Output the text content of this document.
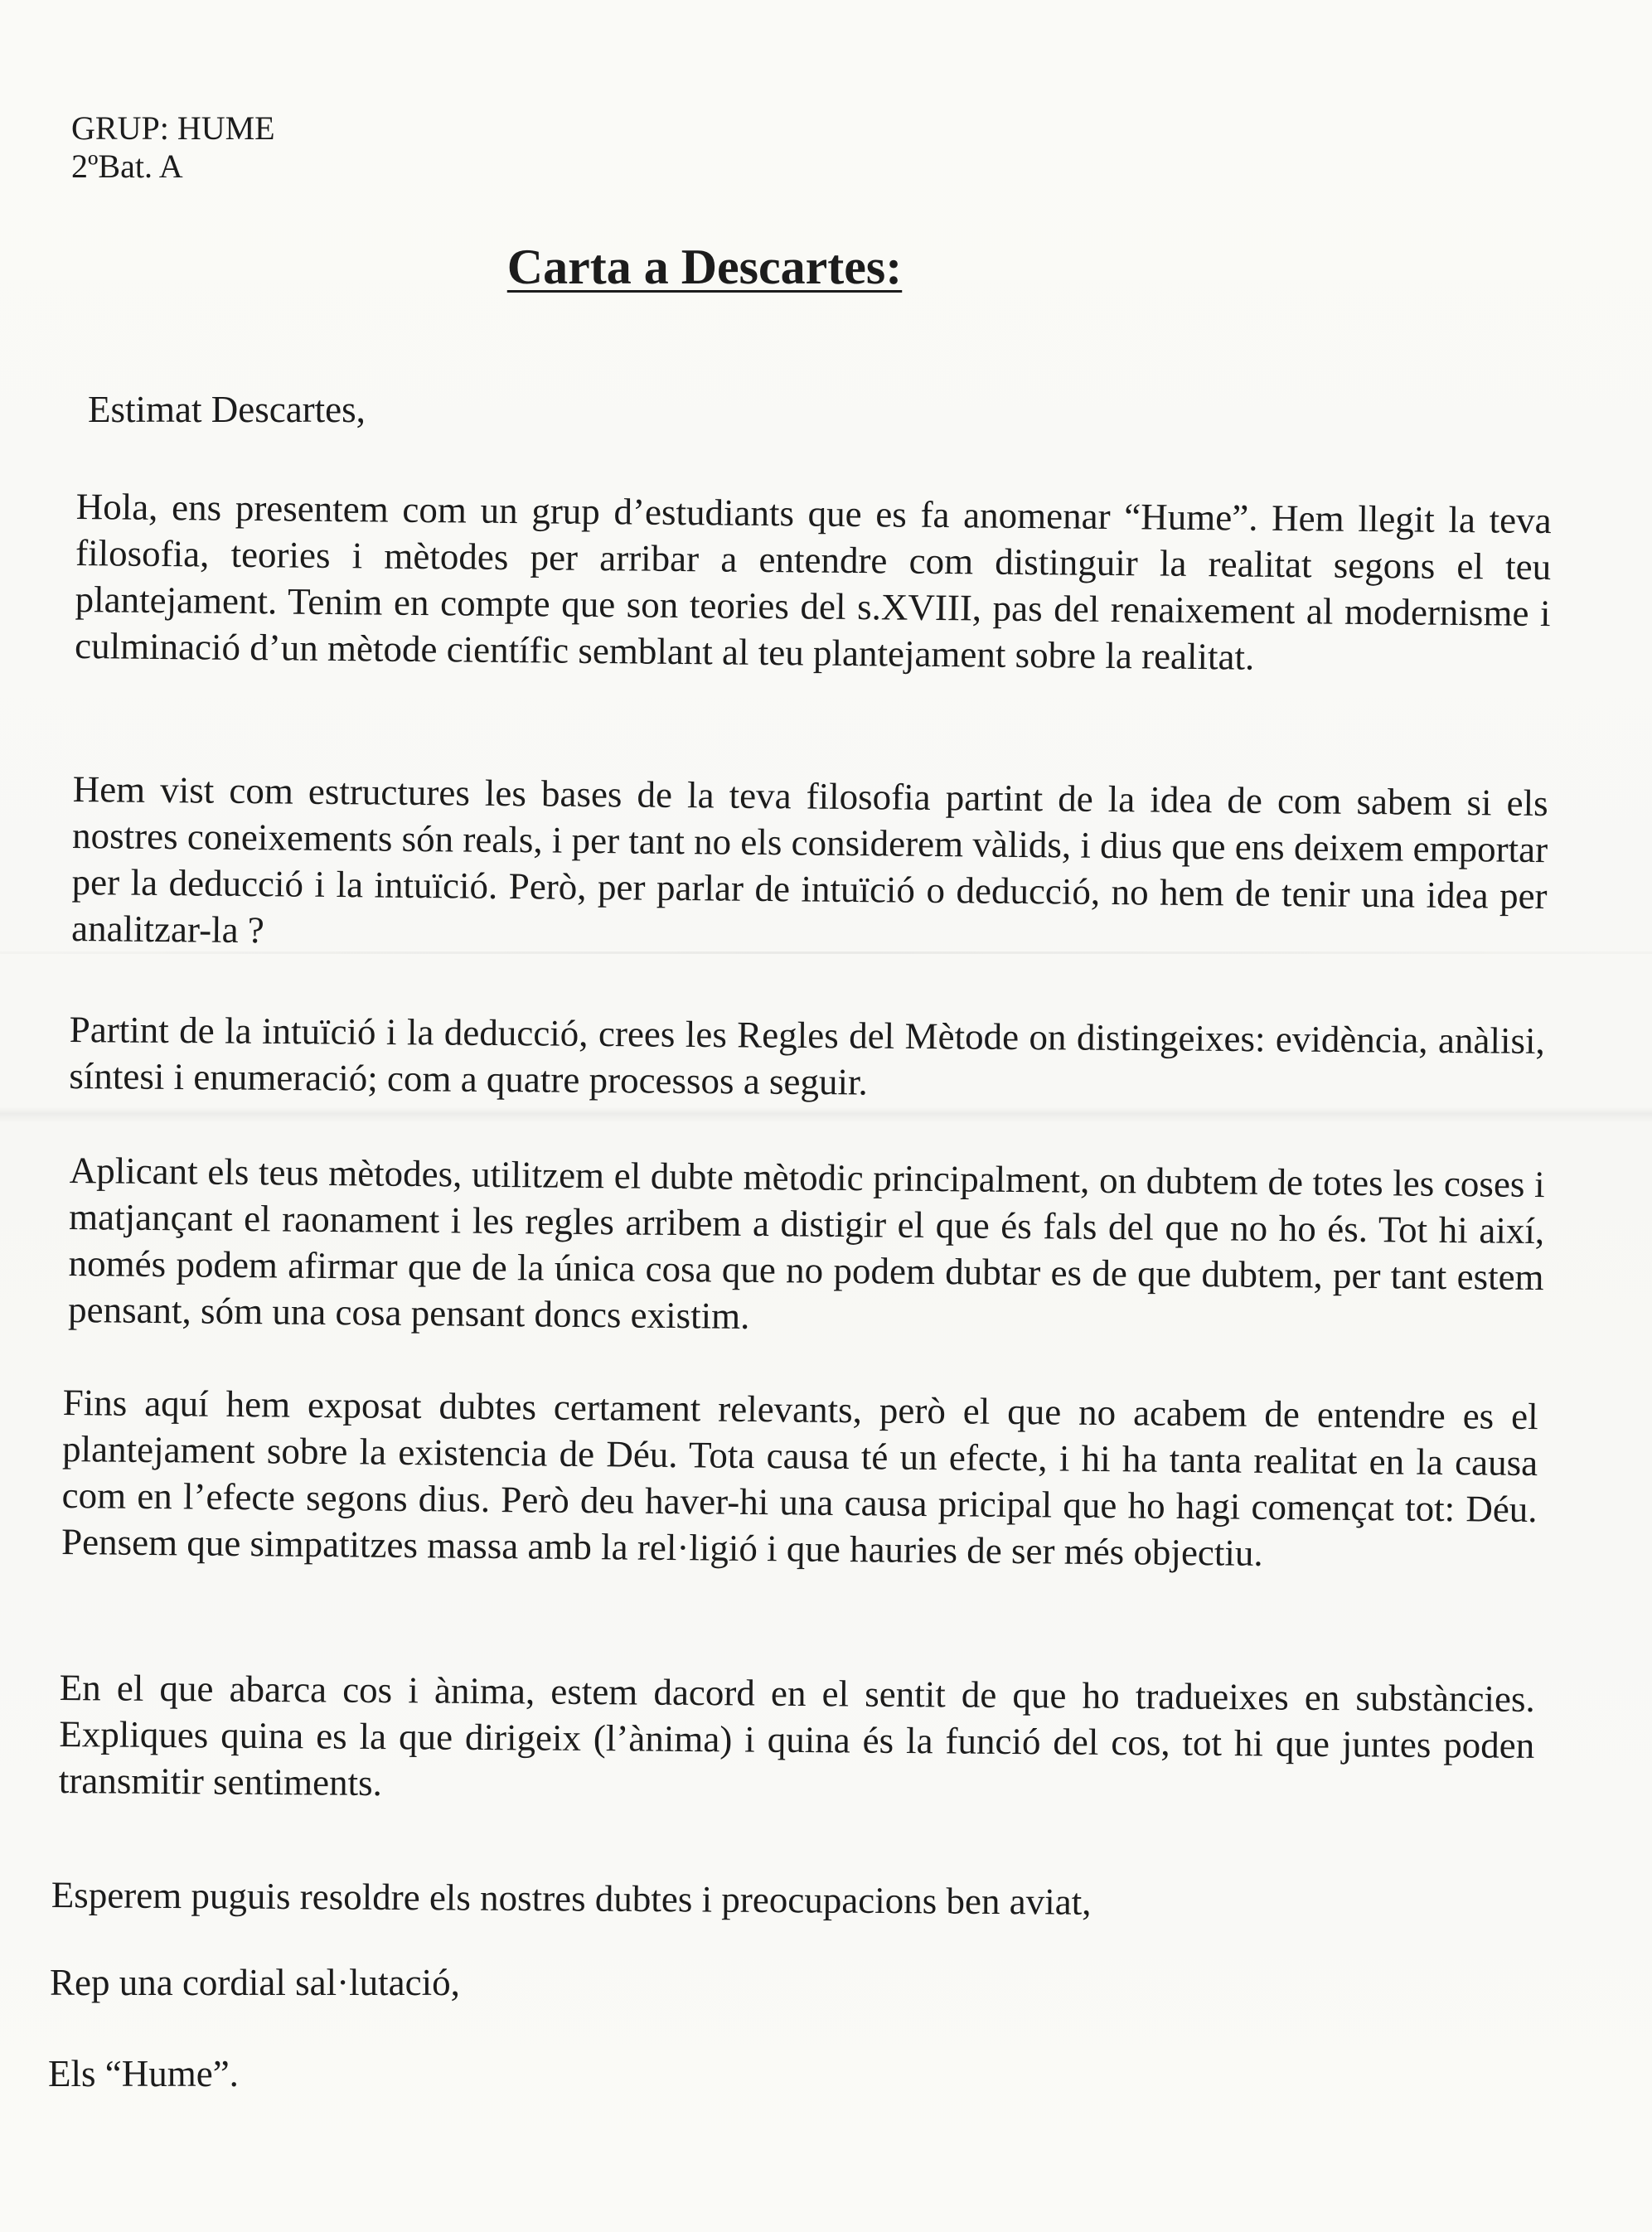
GRUP: HUME
2ºBat. A
Carta a Descartes:

Estimat Descartes,

Hola, ens presentem com un grup d’estudiants que es fa anomenar “Hume”. Hem llegit la teva filosofia, teories i mètodes per arribar a entendre com distinguir la realitat segons el teu plantejament. Tenim en compte que son teories del s.XVIII, pas del renaixement al modernisme i culminació d’un mètode científic semblant al teu plantejament sobre la realitat.

Hem vist com estructures les bases de la teva filosofia partint de la idea de com sabem si els nostres coneixements són reals, i per tant no els considerem vàlids, i dius que ens deixem emportar per la deducció i la intuïció. Però, per parlar de intuïció o deducció, no hem de tenir una idea per analitzar-la ?

Partint de la intuïció i la deducció, crees les Regles del Mètode on distingeixes: evidència, anàlisi, síntesi i enumeració; com a quatre processos a seguir.

Aplicant els teus mètodes, utilitzem el dubte mètodic principalment, on dubtem de totes les coses i matjançant el raonament i les regles arribem a distigir el que és fals del que no ho és. Tot hi així, només podem afirmar que de la única cosa que no podem dubtar es de que dubtem, per tant estem pensant, sóm una cosa pensant doncs existim.

Fins aquí hem exposat dubtes certament relevants, però el que no acabem de entendre es el plantejament sobre la existencia de Déu. Tota causa té un efecte, i hi ha tanta realitat en la causa com en l’efecte segons dius. Però deu haver-hi una causa pricipal que ho hagi començat tot: Déu. Pensem que simpatitzes massa amb la rel·ligió i que hauries de ser més objectiu.

En el que abarca cos i ànima, estem dacord en el sentit de que ho tradueixes en substàncies. Expliques quina es la que dirigeix (l’ànima) i quina és la funció del cos, tot hi que juntes poden transmitir sentiments.

Esperem puguis resoldre els nostres dubtes i preocupacions ben aviat,

Rep una cordial sal·lutació,

Els “Hume”.
